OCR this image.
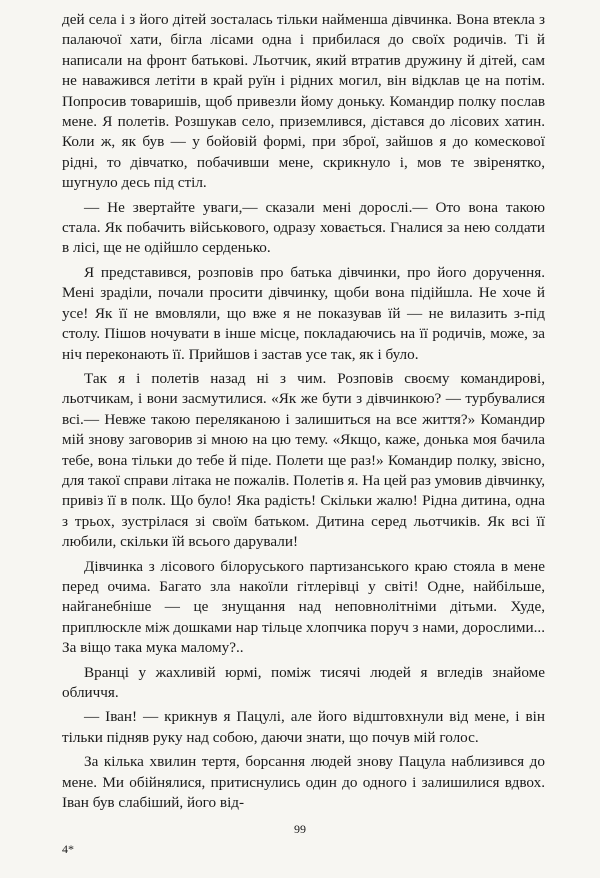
дей села і з його дітей зосталась тільки найменша дівчинка. Вона втекла з палаючої хати, бігла лісами одна і прибилася до своїх родичів. Ті й написали на фронт батькові. Льотчик, який втратив дружину й дітей, сам не наважився летіти в край руїн і рідних могил, він відклав це на потім. Попросив товаришів, щоб привезли йому доньку. Командир полку послав мене. Я полетів. Розшукав село, приземлився, дістався до лісових хатин. Коли ж, як був — у бойовій формі, при зброї, зайшов я до комескової рідні, то дівчатко, побачивши мене, скрикнуло і, мов те звіренятко, шугнуло десь під стіл.

— Не звертайте уваги,— сказали мені дорослі.— Ото вона такою стала. Як побачить військового, одразу ховається. Гналися за нею солдати в лісі, ще не одійшло серденько.

Я представився, розповів про батька дівчинки, про його доручення. Мені зраділи, почали просити дівчинку, щоби вона підійшла. Не хоче й усе! Як її не вмовляли, що вже я не показував їй — не вилазить з-під столу. Пішов ночувати в інше місце, покладаючись на її родичів, може, за ніч переконають її. Прийшов і застав усе так, як і було.

Так я і полетів назад ні з чим. Розповів своєму командирові, льотчикам, і вони засмутилися. «Як же бути з дівчинкою? — турбувалися всі.— Невже такою переляканою і залишиться на все життя?» Командир мій знову заговорив зі мною на цю тему. «Якщо, каже, донька моя бачила тебе, вона тільки до тебе й піде. Полети ще раз!» Командир полку, звісно, для такої справи літака не пожалів. Полетів я. На цей раз умовив дівчинку, привіз її в полк. Що було! Яка радість! Скільки жалю! Рідна дитина, одна з трьох, зустрілася зі своїм батьком. Дитина серед льотчиків. Як всі її любили, скільки їй всього дарували!

Дівчинка з лісового білоруського партизанського краю стояла в мене перед очима. Багато зла накоїли гітлерівці у світі! Одне, найбільше, найганебніше — це знущання над неповнолітніми дітьми. Худе, приплюскле між дошками нар тільце хлопчика поруч з нами, дорослими... За віщо така мука малому?..

Вранці у жахливій юрмі, поміж тисячі людей я вгледів знайоме обличчя.

— Іван! — крикнув я Пацулі, але його відштовхнули від мене, і він тільки підняв руку над собою, даючи знати, що почув мій голос.

За кілька хвилин тертя, борсання людей знову Пацула наблизився до мене. Ми обійнялися, притиснулись один до одного і залишилися вдвох. Іван був слабіший, його від-

99
4*
